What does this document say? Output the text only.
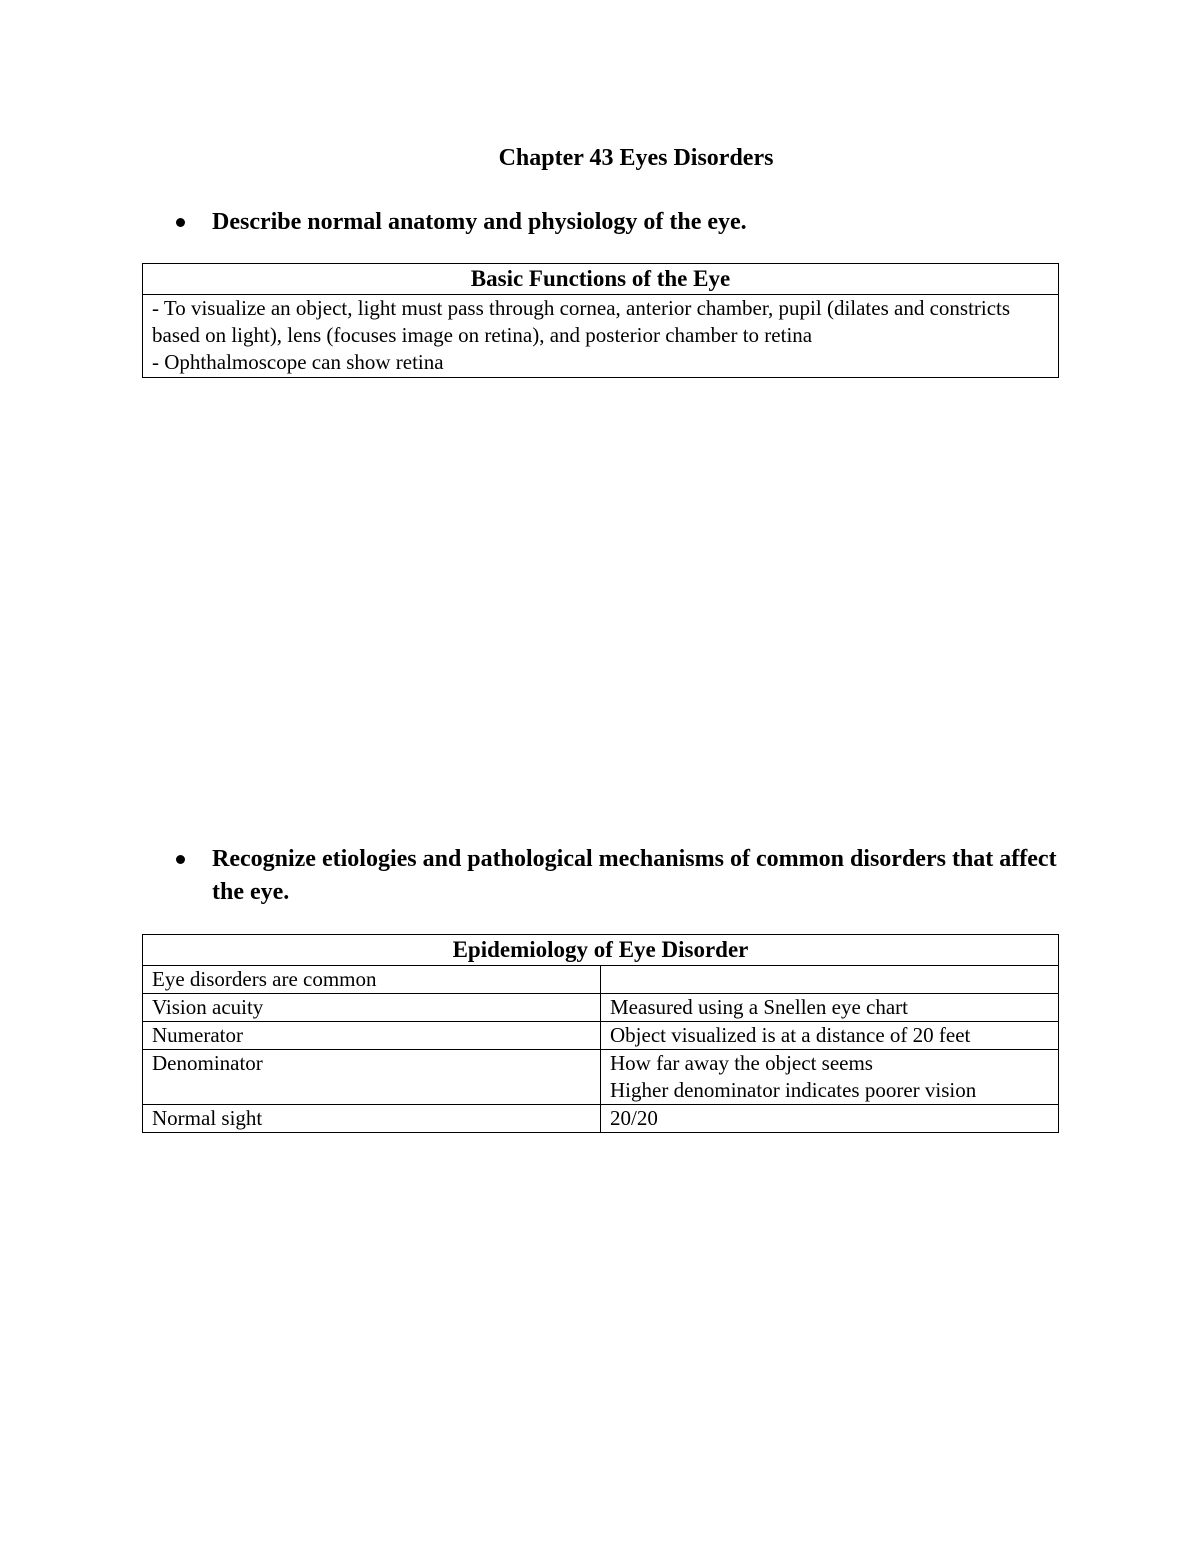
Chapter 43 Eyes Disorders
Describe normal anatomy and physiology of the eye.
Basic Functions of the Eye

- To visualize an object, light must pass through cornea, anterior chamber, pupil (dilates and constricts based on light), lens (focuses image on retina), and posterior chamber to retina
- Ophthalmoscope can show retina
Recognize etiologies and pathological mechanisms of common disorders that affect the eye.
Epidemiology of Eye Disorder	
Eye disorders are common	
Vision acuity	Measured using a Snellen eye chart
Numerator	Object visualized is at a distance of 20 feet
Denominator	How far away the object seems
Higher denominator indicates poorer vision

Normal sight	20/20
